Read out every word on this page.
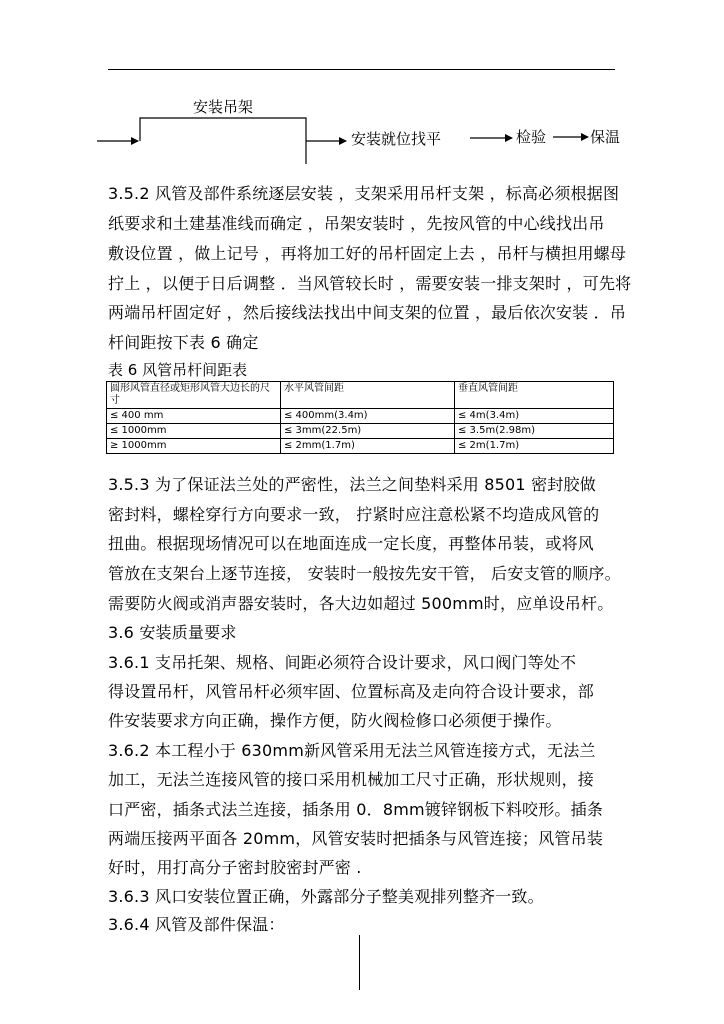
安装吊架
安装就位找平	检验	保温
3.5.2 风管及部件系统逐层安装 ，支架采用吊杆支架 ，标高必须根据图
纸要求和土建基准线而确定 ，吊架安装时 ，先按风管的中心线找出吊
敷设位置 ，做上记号 ，再将加工好的吊杆固定上去 ，吊杆与横担用螺母
拧上 ，以便于日后调整 ．当风管较长时 ，需要安装一排支架时 ，可先将
两端吊杆固定好 ，然后接线法找出中间支架的位置 ，最后依次安装 ．吊
杆间距按下表 6 确定
表 6 风管吊杆间距表
圆形风管直径或矩形风管大边长的尺寸	水平风管间距	垂直风管间距
≤ 400 mm	≤ 400mm(3.4m)	≤ 4m(3.4m)
≤ 1000mm	≤ 3mm(22.5m)	≤ 3.5m(2.98m)
≥ 1000mm	≤ 2mm(1.7m)	≤ 2m(1.7m)
3.5.3 为了保证法兰处的严密性，法兰之间垫料采用 8501 密封胶做
密封料，螺栓穿行方向要求一致， 拧紧时应注意松紧不均造成风管的
扭曲。根据现场情况可以在地面连成一定长度，再整体吊装，或将风
管放在支架台上逐节连接， 安装时一般按先安干管， 后安支管的顺序。
需要防火阀或消声器安装时，各大边如超过 500mm时，应单设吊杆。
3.6 安装质量要求
3.6.1 支吊托架、规格、间距必须符合设计要求，风口阀门等处不
得设置吊杆，风管吊杆必须牢固、位置标高及走向符合设计要求，部
件安装要求方向正确，操作方便，防火阀检修口必须便于操作。
3.6.2 本工程小于 630mm新风管采用无法兰风管连接方式，无法兰
加工，无法兰连接风管的接口采用机械加工尺寸正确，形状规则，接
口严密，插条式法兰连接，插条用 0．8mm镀锌钢板下料咬形。插条
两端压接两平面各 20mm，风管安装时把插条与风管连接；风管吊装
好时，用打高分子密封胶密封严密 .
3.6.3 风口安装位置正确，外露部分子整美观排列整齐一致。
3.6.4 风管及部件保温：
